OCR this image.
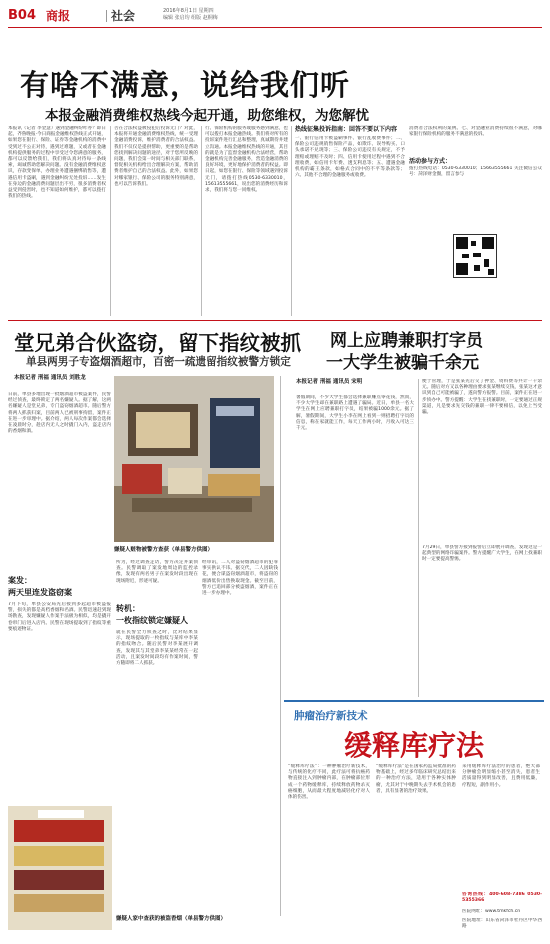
B04 商报	社会	2016年8月1日 星期四
编辑 张启均 组版 赵桐梅
有啥不满意，说给我们听
本报金融消费维权热线今起开通，助您维权，为您解忧
本报讯（记者 李金慧）遇到金融纠纷咋办？即日起，齐鲁晚报·今日商报金融维权热线正式开通，如果您在银行、保险、证券等金融机构的消费中受到过不公正对待，遇到过难题，又或者在金融机构提供服务的过程中享受过令您满意的服务，都可以反馈给我们，我们将认真对待每一条线索，竭诚帮助您解决问题。没有金融消费维权意识，存款变保单，办理业务遭遇捆绑销售等，遭遇信用卡盗刷，遇到金融纠纷无处投诉……发生在身边的金融消费问题层出不穷，很多消费者权益受到侵害时，也不知道如何维护，都可以拨打我们的热线。
否在合法权益被侵犯后投诉无门？对此，本报将开通金融消费维权热线，统一受理金融消费投诉，维护消费者的合法权益。我们不仅仅是提供帮助，更重要的是帮助您找到解决问题的途径，对于您所反映的问题，我们会第一时间与相关部门联系，督促相关机构给出合理解决方案，帮助消费者维护自己的合法权益。此外，如果您对哪家银行、保险公司的服务特别满意，也可以告诉我们。
行、保险机构的服务或服务感到满意，也可以拨打本报金融热线。我们将对所有的投诉案件进行汇总和整理，真诚期待井建立沟通。本报金融维权热线的开通，其目的就是为了监督金融机构合法经营，帮助金融机构完善金融服务，营造金融消费的良好环境，更好地保护消费者的权益。即日起，如您在银行、保险等领域遇到投诉无门，请拨打热线0530-6330010，15613555661，说出您的消费经历和诉求，我们将与您一同维权。
热线征集投诉指南：回答不要以下内容
一、银行信用卡被盗刷事件、银行乱收费事件；二、保险公司违规销售保险产品，如欺诈、误导购买、口头承诺不兑现等；三、保险公司违反有关规定，不予理赔或理赔不及时；四、信用卡使用过程中遇到不合理收费，如信用卡年费、透支利息等；五、遭遇金融机构的霸王条款，如格式合同中的不平等条款等；六、其他不合理的金融服务或收费。
消费者合法权利的案例。七、对金融业消费持续很不满意，对哪家银行保险机构的服务不满意的投诉。
活动参与方式：
拨打热线电话：0530-6330010；15663555661 关注微信公众号：菏泽财金圈，留言参与
堂兄弟合伙盗窃，留下指纹被抓
单县两男子专盗烟酒超市，百密一疏遗留指纹被警方锁定
本报记者 刑福 通讯员 刘胜龙
日前，单县多地出现一批烟酒超市被盗案件，民警经过侦查，最终锁定了两名嫌疑人。据了解，这两名嫌疑人是堂兄弟，专门盗窃烟酒超市。随后警方将两人抓获归案，目前两人已被刑事拘留，案件正在进一步审理中。据介绍，两人每次作案都会选择在凌晨时分，趁店内无人之时撬门入内，盗走店内的香烟和酒。
嫌疑人赃物被警方查获（单县警方供图）
案发：
两天里连发盗窃案
7月下旬，单县公安局先后接到多起超市被盗报警，损失的都是高档香烟和名酒。民警迅速赶到现场勘查，发现嫌疑人作案手法极为相似，均是撬开卷帘门后进入店内。民警在现场提取到了指纹等重要痕迹物证。
所为，经过调查走访，警方决定并案侦查。民警调取了案发地周边的监控录像，发现有两名男子在案发时段出现在现场附近，形迹可疑。
转机：
一枚指纹锁定嫌疑人
就在民警全力侦查之时，比对结果显示，现场提取的一枚指纹与某库中李某的指纹吻合。随后民警对李某展开调查，发现其与其堂弟李某某经常在一起活动，且案发时间段均有作案时间，警方随即将二人抓获。
经审讯，二人对盗窃烟酒超市的犯罪事实供认不讳。据交代，二人因缺钱花，便合谋盗窃烟酒超市，将盗窃的烟酒低价出售换取现金。截至目前，警方已追回部分被盗烟酒，案件正在进一步办理中。
嫌疑人家中查获的被盗香烟（单县警方供图）
网上应聘兼职打字员
一大学生被骗千余元
本报记者 刑福 通讯员 宋明
暑假期间，不少大学生都会选择兼职赚点零花钱，然而，不少大学生却在兼职路上遭遇了骗局。近日，单县一名大学生在网上应聘兼职打字员，结果被骗1000余元。据了解，暑假期间，大学生小李在网上看到一则招聘打字员的信息，称在家就能工作，每天工作两小时，月收入可达三千元。
便于管理，于是张某先后交了押金、资料费等共计一千余元。随后对方又以各种理由要求张某继续交钱，张某这才意识到自己可能被骗了，遂向警方报警。目前，案件正在进一步侦办中。警方提醒：大学生在找兼职时，一定要通过正规渠道，凡是要求先交钱的兼职一律不要相信，以免上当受骗。
7月29日，单县警方接到报警后立即展开调查，发现这是一起典型的网络诈骗案件。警方提醒广大学生，在网上找兼职时一定要提高警惕。
肿瘤治疗新技术
缓释库疗法
“缓释库疗法”：一种肿瘤治疗新技术，与传统的化疗不同，此疗法可将抗癌药物直接注入到肿瘤内部，在肿瘤部位形成一个药物缓释库，持续释放药物杀灭癌细胞，从而最大程度地减轻化疗对人体的伤害。
“缓释库疗法”是在国家药监局批准的药物基础上，经过多年临床研究总结出来的一种治疗方法，适用于各种实体肿瘤，尤其对于中晚期失去手术机会的患者，具有显著的治疗效果。
采用缓释库疗法治疗的患者，绝大部分肿瘤会明显缩小甚至消失，患者生活质量得到明显改善，且费用低廉，疗程短，副作用小。
咨询热线：400-608-7386 0530-5355366
医院网址：www.tmkfch.cn
医院地址：山东省菏泽市牡丹区中华西路
